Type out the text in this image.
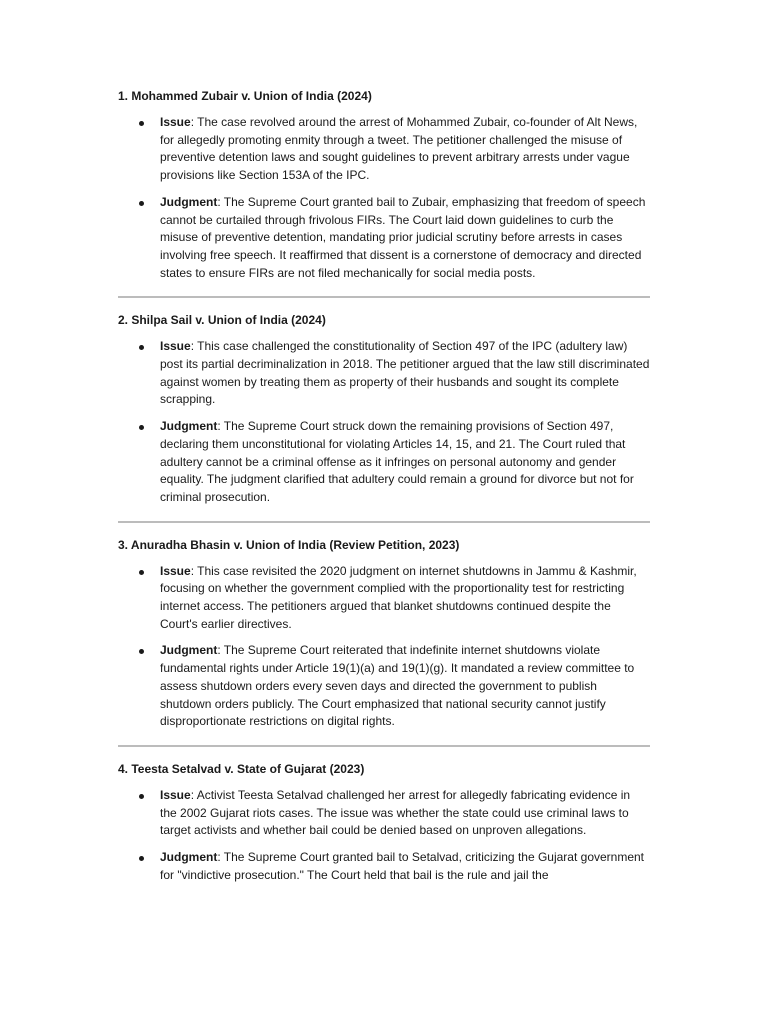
1. Mohammed Zubair v. Union of India (2024)
Issue: The case revolved around the arrest of Mohammed Zubair, co-founder of Alt News, for allegedly promoting enmity through a tweet. The petitioner challenged the misuse of preventive detention laws and sought guidelines to prevent arbitrary arrests under vague provisions like Section 153A of the IPC.
Judgment: The Supreme Court granted bail to Zubair, emphasizing that freedom of speech cannot be curtailed through frivolous FIRs. The Court laid down guidelines to curb the misuse of preventive detention, mandating prior judicial scrutiny before arrests in cases involving free speech. It reaffirmed that dissent is a cornerstone of democracy and directed states to ensure FIRs are not filed mechanically for social media posts.
2. Shilpa Sail v. Union of India (2024)
Issue: This case challenged the constitutionality of Section 497 of the IPC (adultery law) post its partial decriminalization in 2018. The petitioner argued that the law still discriminated against women by treating them as property of their husbands and sought its complete scrapping.
Judgment: The Supreme Court struck down the remaining provisions of Section 497, declaring them unconstitutional for violating Articles 14, 15, and 21. The Court ruled that adultery cannot be a criminal offense as it infringes on personal autonomy and gender equality. The judgment clarified that adultery could remain a ground for divorce but not for criminal prosecution.
3. Anuradha Bhasin v. Union of India (Review Petition, 2023)
Issue: This case revisited the 2020 judgment on internet shutdowns in Jammu & Kashmir, focusing on whether the government complied with the proportionality test for restricting internet access. The petitioners argued that blanket shutdowns continued despite the Court's earlier directives.
Judgment: The Supreme Court reiterated that indefinite internet shutdowns violate fundamental rights under Article 19(1)(a) and 19(1)(g). It mandated a review committee to assess shutdown orders every seven days and directed the government to publish shutdown orders publicly. The Court emphasized that national security cannot justify disproportionate restrictions on digital rights.
4. Teesta Setalvad v. State of Gujarat (2023)
Issue: Activist Teesta Setalvad challenged her arrest for allegedly fabricating evidence in the 2002 Gujarat riots cases. The issue was whether the state could use criminal laws to target activists and whether bail could be denied based on unproven allegations.
Judgment: The Supreme Court granted bail to Setalvad, criticizing the Gujarat government for "vindictive prosecution." The Court held that bail is the rule and jail the
